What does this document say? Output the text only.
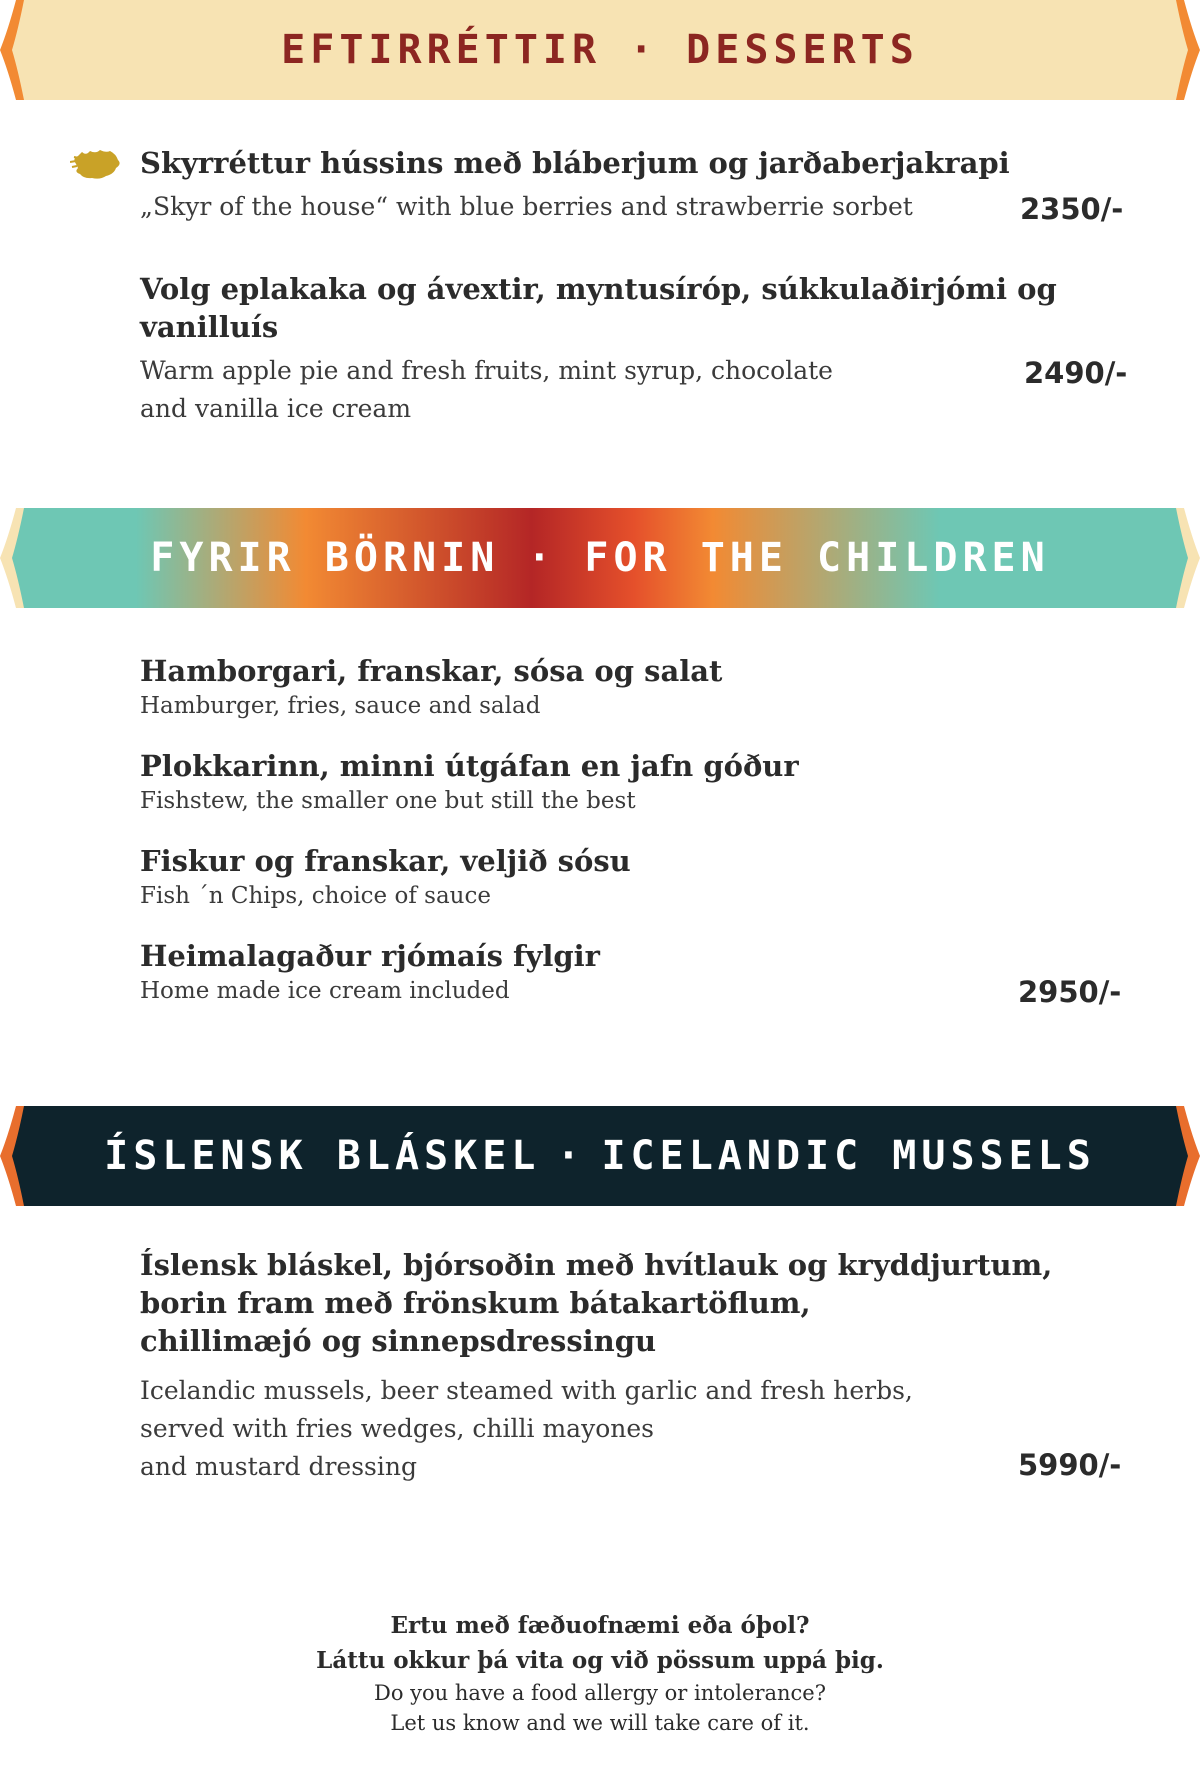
EFTIRRÉTTIR · DESSERTS
Skyrréttur hússins með bláberjum og jarðaberjakrapi
„Skyr of the house“ with blue berries and strawberrie sorbet	2350/-
Volg eplakaka og ávextir, myntusíróp, súkkulaðirjómi og vanilluís
Warm apple pie and fresh fruits, mint syrup, chocolate
and vanilla ice cream
2490/-
FYRIR BÖRNIN · FOR THE CHILDREN
Hamborgari, franskar, sósa og salat
Hamburger, fries, sauce and salad
Plokkarinn, minni útgáfan en jafn góður
Fishstew, the smaller one but still the best
Fiskur og franskar, veljið sósu
Fish ´n Chips, choice of sauce
Heimalagaður rjómaís fylgir
Home made ice cream included	2950/-
ÍSLENSK BLÁSKEL · ICELANDIC MUSSELS
Íslensk bláskel, bjórsoðin með hvítlauk og kryddjurtum,
borin fram með frönskum bátakartöflum,
chillimæjó og sinnepsdressingu
Icelandic mussels, beer steamed with garlic and fresh herbs,
served with fries wedges, chilli mayones
and mustard dressing	5990/-
Ertu með fæðuofnæmi eða óþol?
Láttu okkur þá vita og við pössum uppá þig.
Do you have a food allergy or intolerance?
Let us know and we will take care of it.
